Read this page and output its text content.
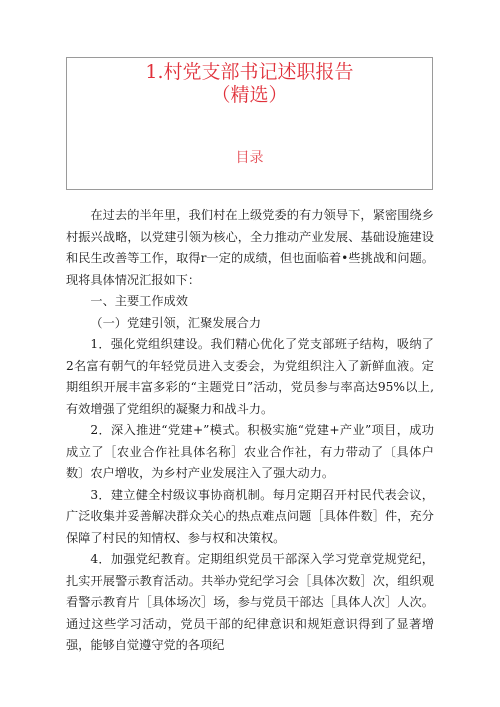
1.村党支部书记述职报告
（精选）
目录

在过去的半年里，我们村在上级党委的有力领导下，紧密围绕乡村振兴战略，以党建引领为核心，全力推动产业发展、基础设施建设和民生改善等工作，取得r一定的成绩，但也面临着•些挑战和问题。现将具体情况汇报如下：

一、主要工作成效

（一）党建引领，汇聚发展合力

1．强化党组织建设。我们精心优化了党支部班子结构，吸纳了2名富有朝气的年轻党员进入支委会，为党组织注入了新鲜血液。定期组织开展丰富多彩的“主题党日”活动，党员参与率高达95%以上,有效增强了党组织的凝聚力和战斗力。

2．深入推进“党建+”模式。积极实施“党建+产业”项目，成功成立了［农业合作社具体名称］农业合作社，有力带动了〔具体户数〕农户增收，为乡村产业发展注入了强大动力。

3．建立健全村级议事协商机制。每月定期召开村民代表会议，广泛收集并妥善解决群众关心的热点难点问题［具体件数］件，充分保障了村民的知情权、参与权和决策权。

4．加强党纪教育。定期组织党员干部深入学习党章党规党纪，扎实开展警示教育活动。共举办党纪学习会［具体次数］次，组织观看警示教育片［具体场次］场，参与党员干部达［具体人次］人次。通过这些学习活动，党员干部的纪律意识和规矩意识得到了显著增强，能够自觉遵守党的各项纪
